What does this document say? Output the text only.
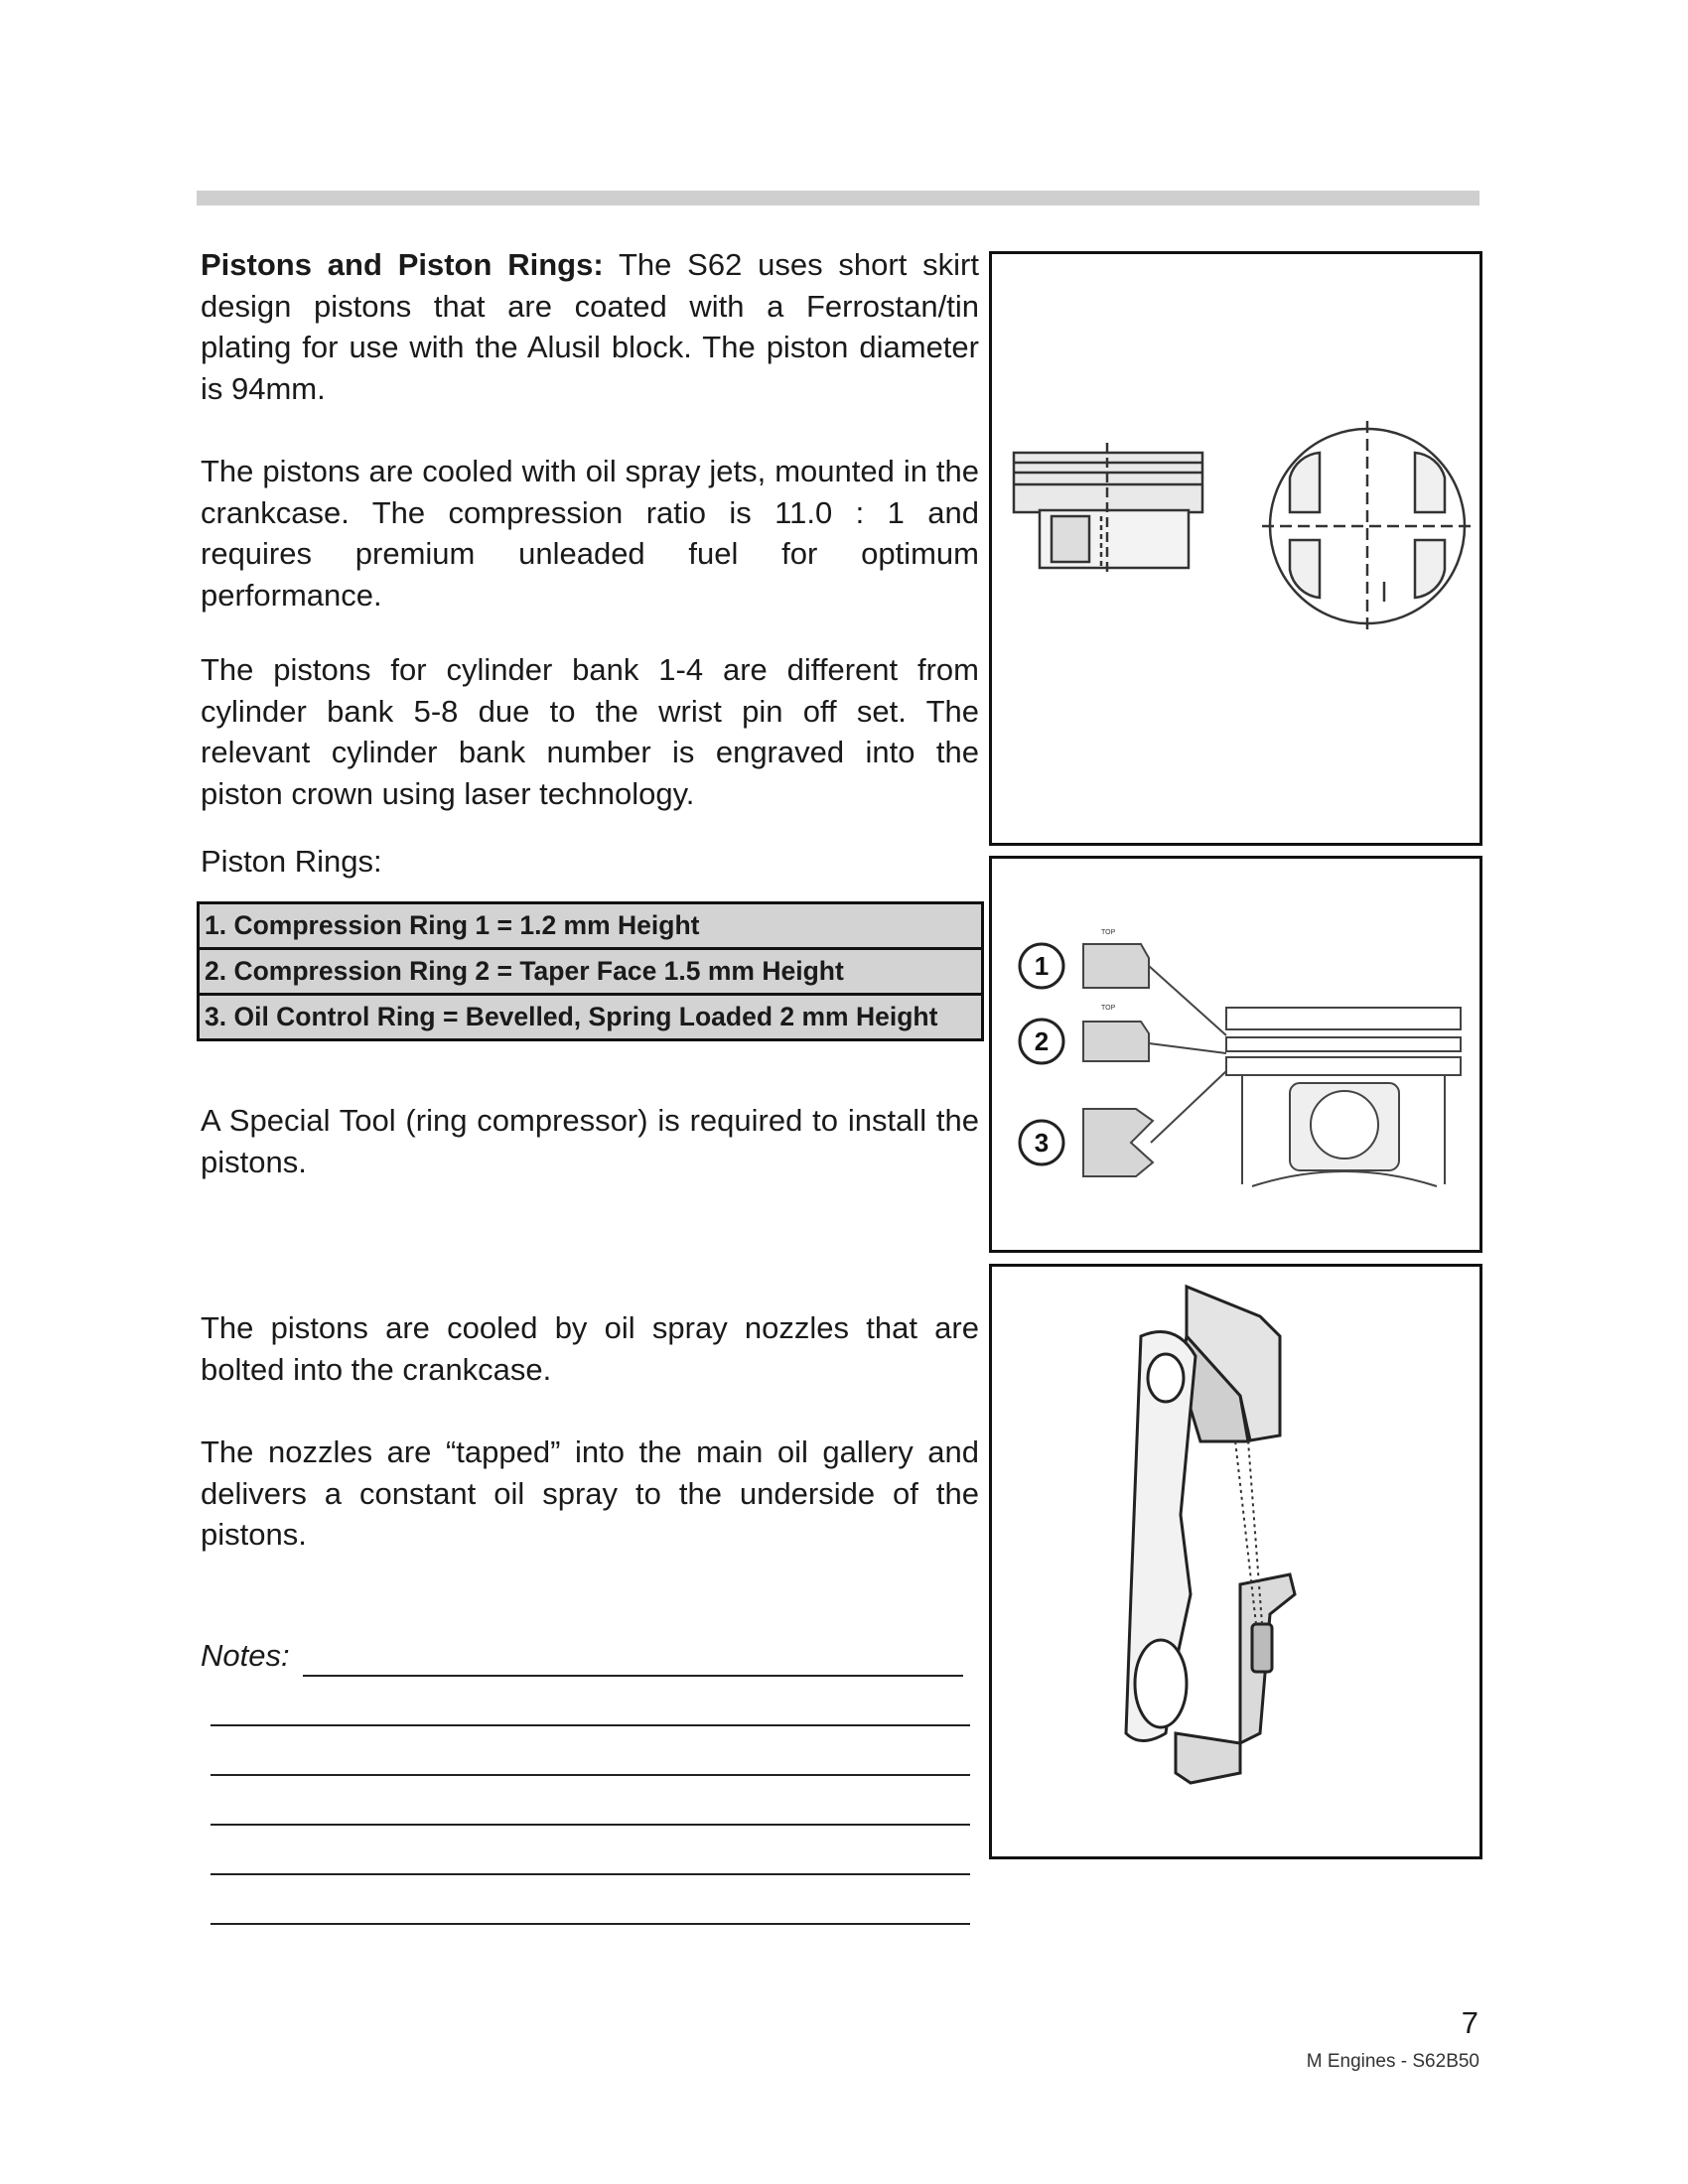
Pistons and Piston Rings: The S62 uses short skirt design pistons that are coated with a Ferrostan/tin plating for use with the Alusil block. The piston diameter is 94mm.

The pistons are cooled with oil spray jets, mounted in the crankcase. The compression ratio is 11.0 : 1 and requires premium unleaded fuel for optimum performance.
The pistons for cylinder bank 1-4 are different from cylinder bank 5-8 due to the wrist pin off set. The relevant cylinder bank number is engraved into the piston crown using laser technology.
Piston Rings:
1. Compression Ring 1 = 1.2 mm Height
2. Compression Ring 2 = Taper Face 1.5 mm Height
3. Oil Control Ring = Bevelled, Spring Loaded 2 mm Height
A Special Tool (ring compressor) is required to install the pistons.
The pistons are cooled by oil spray nozzles that are bolted into the crankcase.
The nozzles are “tapped” into the main oil gallery and delivers a constant oil spray to the underside of the pistons.
Notes:
1
2
3
TOP
TOP
7
M Engines - S62B50
